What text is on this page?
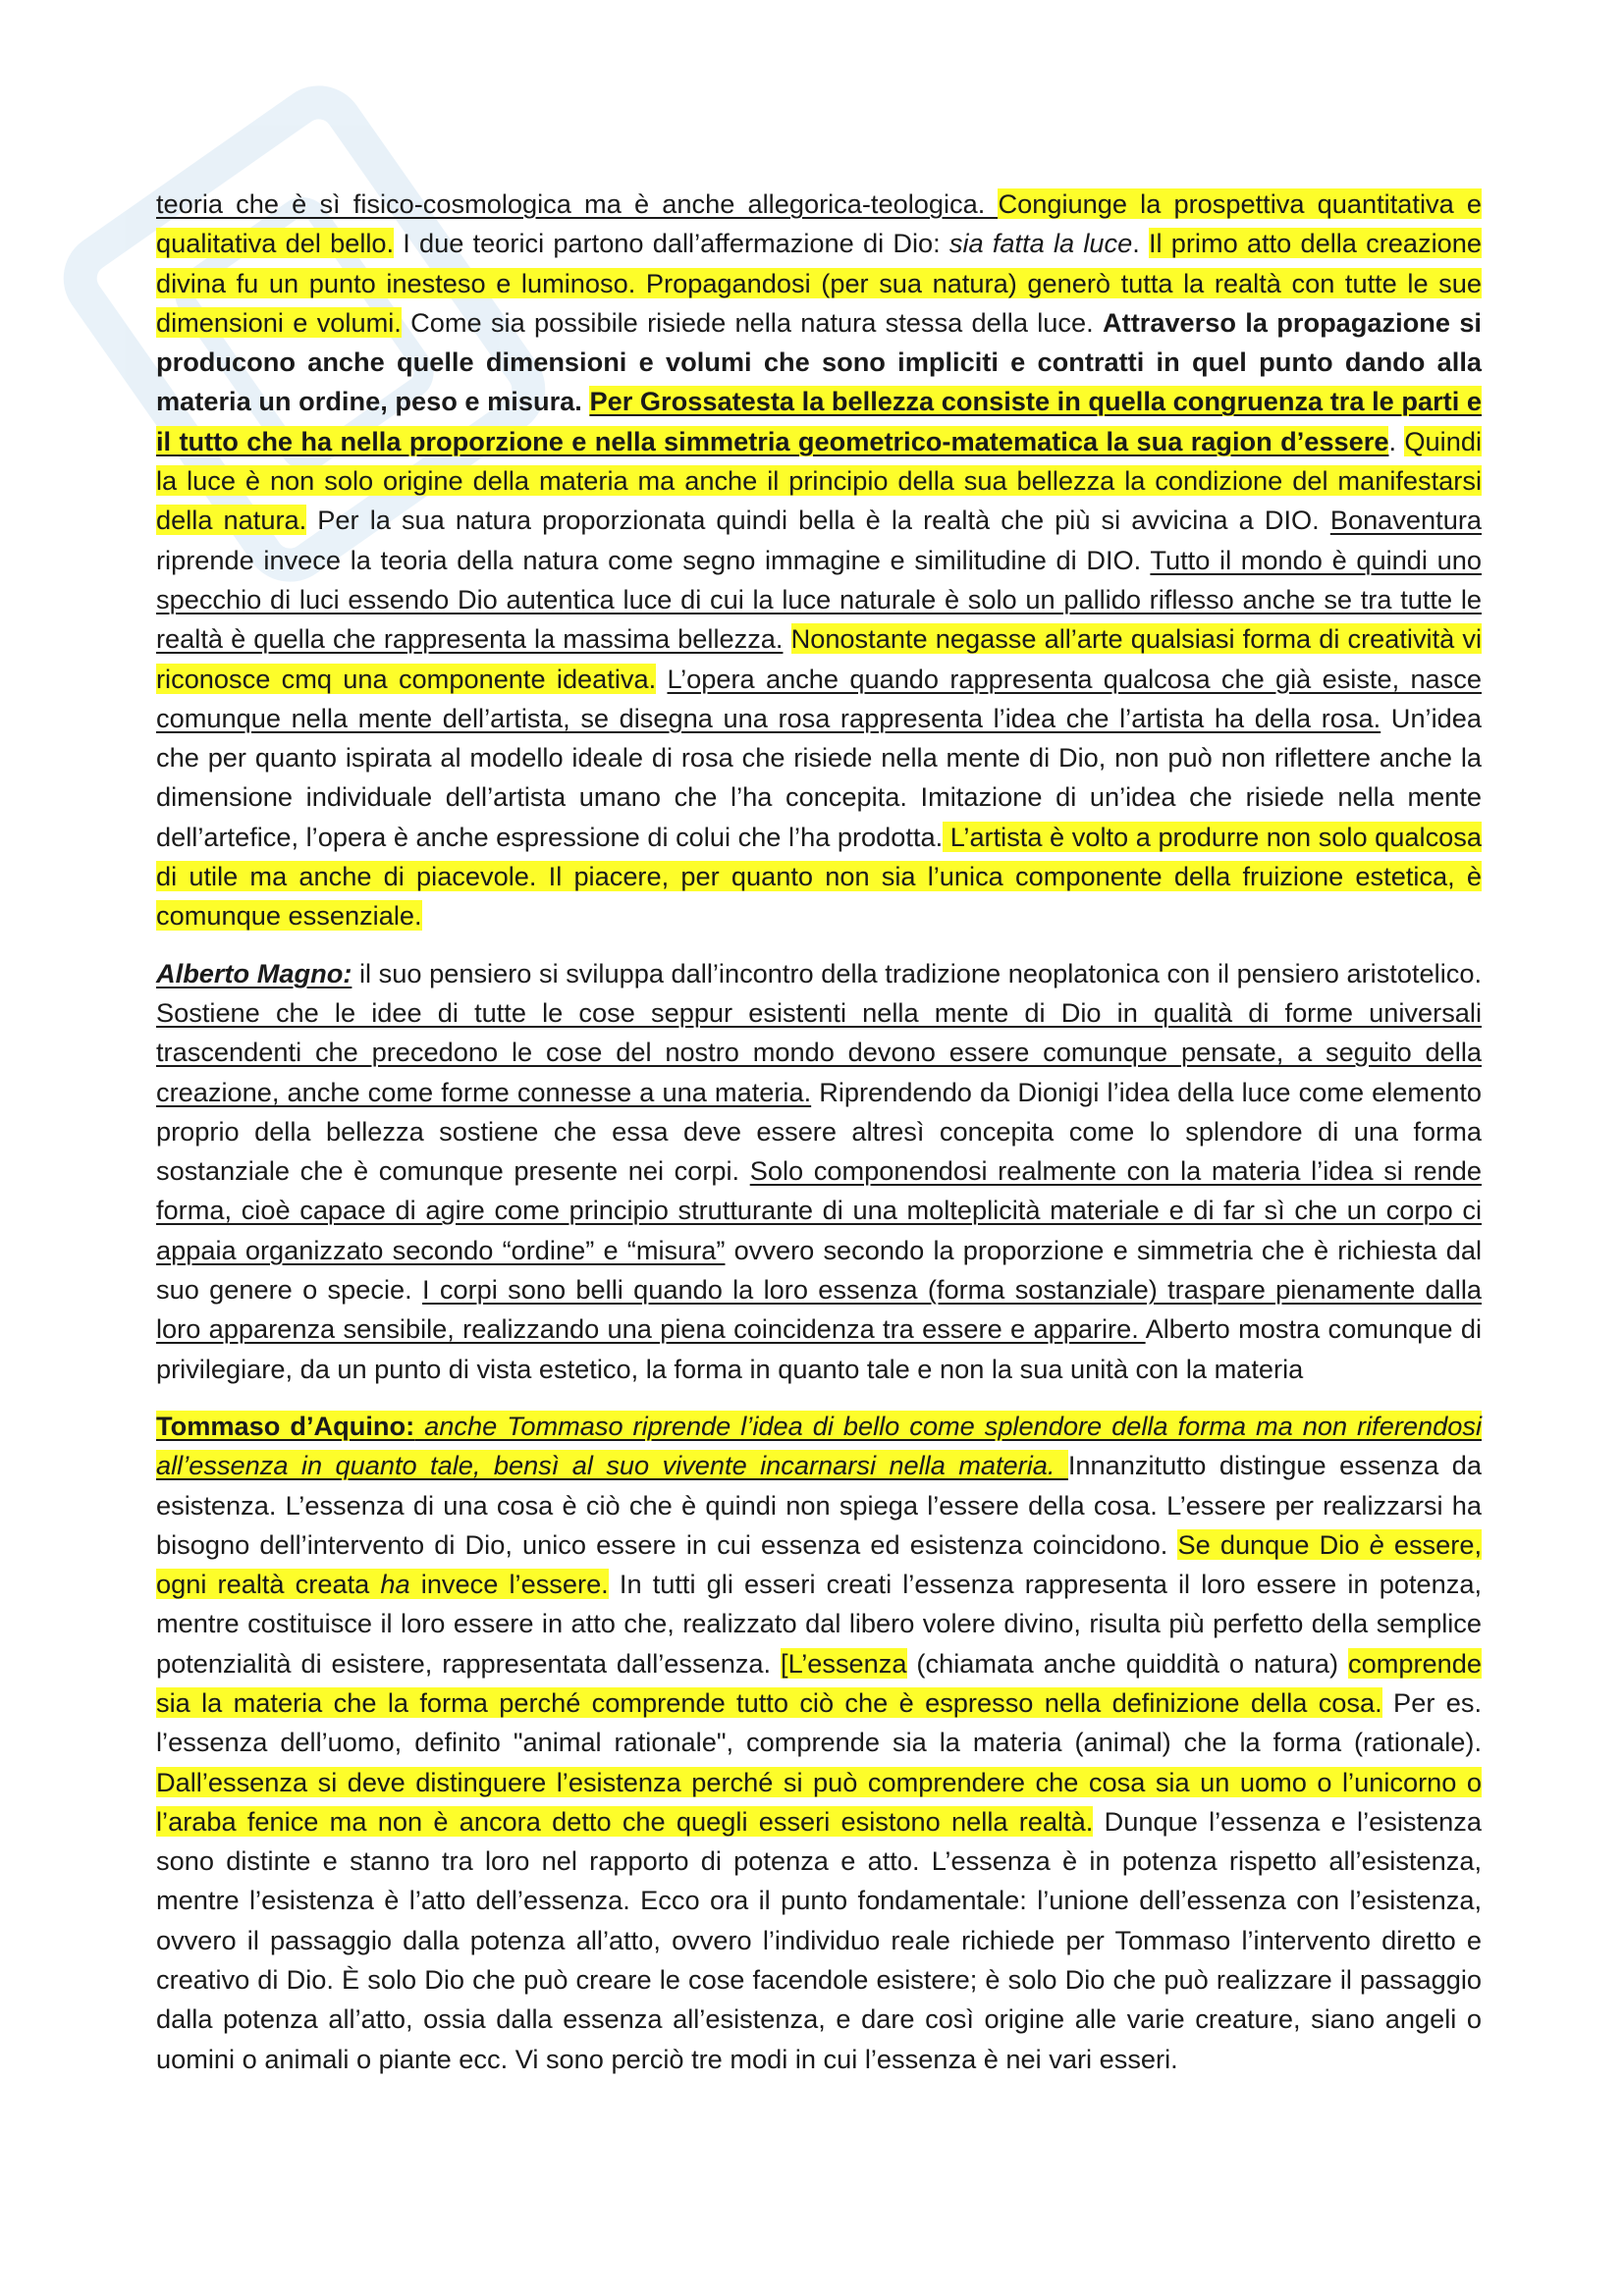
teoria che è sì fisico-cosmologica ma è anche allegorica-teologica. Congiunge la prospettiva quantitativa e qualitativa del bello. I due teorici partono dall’affermazione di Dio: sia fatta la luce. Il primo atto della creazione divina fu un punto inesteso e luminoso. Propagandosi (per sua natura) generò tutta la realtà con tutte le sue dimensioni e volumi. Come sia possibile risiede nella natura stessa della luce. Attraverso la propagazione si producono anche quelle dimensioni e volumi che sono impliciti e contratti in quel punto dando alla materia un ordine, peso e misura. Per Grossatesta la bellezza consiste in quella congruenza tra le parti e il tutto che ha nella proporzione e nella simmetria geometrico-matematica la sua ragion d’essere. Quindi la luce è non solo origine della materia ma anche il principio della sua bellezza la condizione del manifestarsi della natura. Per la sua natura proporzionata quindi bella è la realtà che più si avvicina a DIO. Bonaventura riprende invece la teoria della natura come segno immagine e similitudine di DIO. Tutto il mondo è quindi uno specchio di luci essendo Dio autentica luce di cui la luce naturale è solo un pallido riflesso anche se tra tutte le realtà è quella che rappresenta la massima bellezza. Nonostante negasse all’arte qualsiasi forma di creatività vi riconosce cmq una componente ideativa. L’opera anche quando rappresenta qualcosa che già esiste, nasce comunque nella mente dell’artista, se disegna una rosa rappresenta l’idea che l’artista ha della rosa. Un’idea che per quanto ispirata al modello ideale di rosa che risiede nella mente di Dio, non può non riflettere anche la dimensione individuale dell’artista umano che l’ha concepita. Imitazione di un’idea che risiede nella mente dell’artefice, l’opera è anche espressione di colui che l’ha prodotta. L’artista è volto a produrre non solo qualcosa di utile ma anche di piacevole. Il piacere, per quanto non sia l’unica componente della fruizione estetica, è comunque essenziale.

Alberto Magno: il suo pensiero si sviluppa dall’incontro della tradizione neoplatonica con il pensiero aristotelico. Sostiene che le idee di tutte le cose seppur esistenti nella mente di Dio in qualità di forme universali trascendenti che precedono le cose del nostro mondo devono essere comunque pensate, a seguito della creazione, anche come forme connesse a una materia. Riprendendo da Dionigi l’idea della luce come elemento proprio della bellezza sostiene che essa deve essere altresì concepita come lo splendore di una forma sostanziale che è comunque presente nei corpi. Solo componendosi realmente con la materia l’idea si rende forma, cioè capace di agire come principio strutturante di una molteplicità materiale e di far sì che un corpo ci appaia organizzato secondo “ordine” e “misura” ovvero secondo la proporzione e simmetria che è richiesta dal suo genere o specie. I corpi sono belli quando la loro essenza (forma sostanziale) traspare pienamente dalla loro apparenza sensibile, realizzando una piena coincidenza tra essere e apparire. Alberto mostra comunque di privilegiare, da un punto di vista estetico, la forma in quanto tale e non la sua unità con la materia

Tommaso d’Aquino: anche Tommaso riprende l’idea di bello come splendore della forma ma non riferendosi all’essenza in quanto tale, bensì al suo vivente incarnarsi nella materia. Innanzitutto distingue essenza da esistenza. L’essenza di una cosa è ciò che è quindi non spiega l’essere della cosa. L’essere per realizzarsi ha bisogno dell’intervento di Dio, unico essere in cui essenza ed esistenza coincidono. Se dunque Dio è essere, ogni realtà creata ha invece l’essere. In tutti gli esseri creati l’essenza rappresenta il loro essere in potenza, mentre costituisce il loro essere in atto che, realizzato dal libero volere divino, risulta più perfetto della semplice potenzialità di esistere, rappresentata dall’essenza. [L’essenza (chiamata anche quiddità o natura) comprende sia la materia che la forma perché comprende tutto ciò che è espresso nella definizione della cosa. Per es. l’essenza dell’uomo, definito "animal rationale", comprende sia la materia (animal) che la forma (rationale). Dall’essenza si deve distinguere l’esistenza perché si può comprendere che cosa sia un uomo o l’unicorno o l’araba fenice ma non è ancora detto che quegli esseri esistono nella realtà. Dunque l’essenza e l’esistenza sono distinte e stanno tra loro nel rapporto di potenza e atto. L’essenza è in potenza rispetto all’esistenza, mentre l’esistenza è l’atto dell’essenza. Ecco ora il punto fondamentale: l’unione dell’essenza con l’esistenza, ovvero il passaggio dalla potenza all’atto, ovvero l’individuo reale richiede per Tommaso l’intervento diretto e creativo di Dio. È solo Dio che può creare le cose facendole esistere; è solo Dio che può realizzare il passaggio dalla potenza all’atto, ossia dalla essenza all’esistenza, e dare così origine alle varie creature, siano angeli o uomini o animali o piante ecc. Vi sono perciò tre modi in cui l’essenza è nei vari esseri.
